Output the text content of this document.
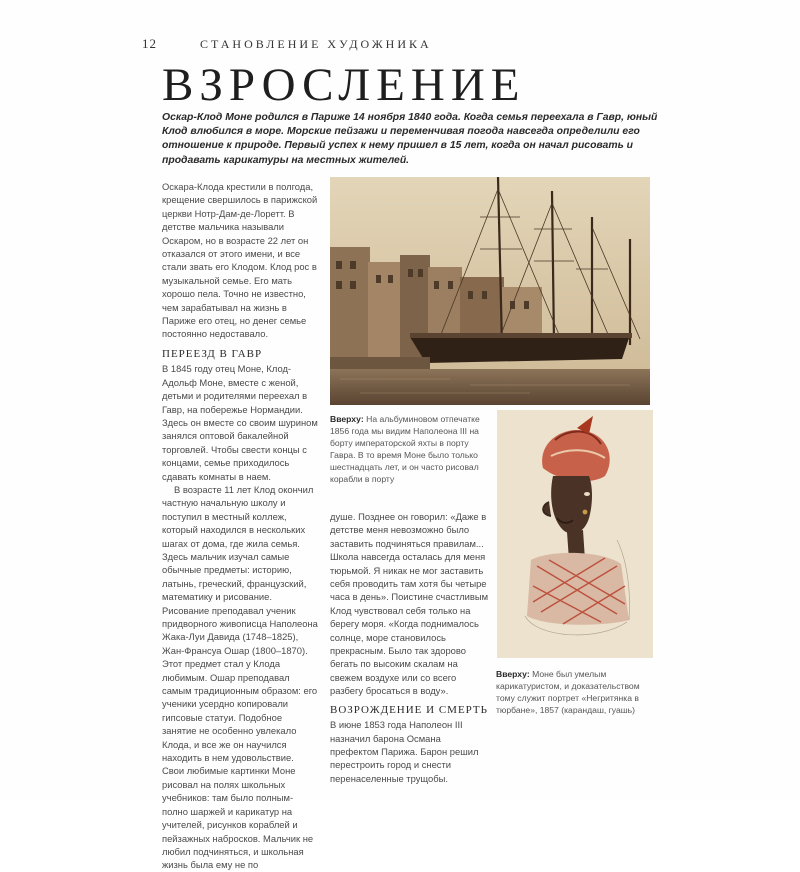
12	СТАНОВЛЕНИЕ ХУДОЖНИКА
ВЗРОСЛЕНИЕ

Оскар-Клод Моне родился в Париже 14 ноября 1840 года. Когда семья переехала в Гавр, юный Клод влюбился в море. Морские пейзажи и переменчивая погода навсегда определили его отношение к природе. Первый успех к нему пришел в 15 лет, когда он начал рисовать и продавать карикатуры на местных жителей.

Оскара-Клода крестили в полгода, крещение свершилось в парижской церкви Нотр-Дам-де-Лоретт. В детстве мальчика называли Оскаром, но в возрасте 22 лет он отказался от этого имени, и все стали звать его Клодом. Клод рос в музыкальной семье. Его мать хорошо пела. Точно не известно, чем зарабатывал на жизнь в Париже его отец, но денег семье постоянно недоставало.

ПЕРЕЕЗД В ГАВР

В 1845 году отец Моне, Клод-Адольф Моне, вместе с женой, детьми и родителями переехал в Гавр, на побережье Нормандии. Здесь он вместе со своим шурином занялся оптовой бакалейной торговлей. Чтобы свести концы с концами, семье приходилось сдавать комнаты в наем.

В возрасте 11 лет Клод окончил частную начальную школу и поступил в местный коллеж, который находился в нескольких шагах от дома, где жила семья. Здесь мальчик изучал самые обычные предметы: историю, латынь, греческий, французский, математику и рисование. Рисование преподавал ученик придворного живописца Наполеона Жака-Луи Давида (1748–1825), Жан-Франсуа Ошар (1800–1870). Этот предмет стал у Клода любимым. Ошар преподавал самым традиционным образом: его ученики усердно копировали гипсовые статуи. Подобное занятие не особенно увлекало Клода, и все же он научился находить в нем удовольствие. Свои любимые картинки Моне рисовал на полях школьных учебников: там было полным-полно шаржей и карикатур на учителей, рисунков кораблей и пейзажных набросков. Мальчик не любил подчиняться, и школьная жизнь была ему не по

Вверху: На альбуминовом отпечатке 1856 года мы видим Наполеона III на борту императорской яхты в порту Гавра. В то время Моне было только шестнадцать лет, и он часто рисовал корабли в порту

душе. Позднее он говорил: «Даже в детстве меня невозможно было заставить подчиняться правилам... Школа навсегда осталась для меня тюрьмой. Я никак не мог заставить себя проводить там хотя бы четыре часа в день». Поистине счастливым Клод чувствовал себя только на берегу моря. «Когда поднималось солнце, море становилось прекрасным. Было так здорово бегать по высоким скалам на свежем воздухе или со всего разбегу бросаться в воду».

ВОЗРОЖДЕНИЕ И СМЕРТЬ

В июне 1853 года Наполеон III назначил барона Османа префектом Парижа. Барон решил перестроить город и снести перенаселенные трущобы.

Вверху: Моне был умелым карикатуристом, и доказательством тому служит портрет «Негритянка в тюрбане», 1857 (карандаш, гуашь)
